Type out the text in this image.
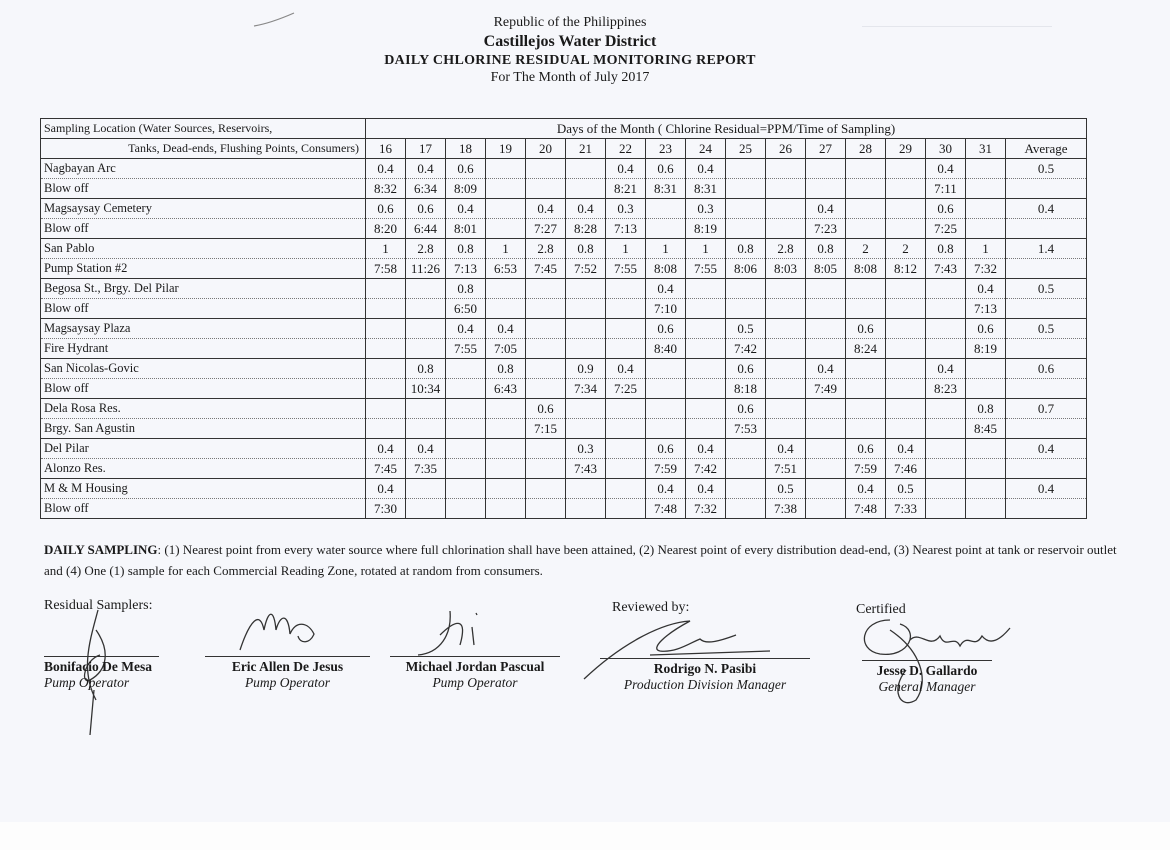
Republic of the Philippines
Castillejos Water District
DAILY CHLORINE RESIDUAL MONITORING REPORT
For The Month of July 2017
Sampling Location (Water Sources, Reservoirs,	Days of the Month ( Chlorine Residual=PPM/Time of Sampling)																
Tanks, Dead-ends, Flushing Points, Consumers)	16	17	18	19	20	21	22	23	24	25	26	27	28	29	30	31	Average
Nagbayan Arc	0.4	0.4	0.6				0.4	0.6	0.4						0.4		0.5
Blow off	8:32	6:34	8:09				8:21	8:31	8:31						7:11		
Magsaysay Cemetery	0.6	0.6	0.4		0.4	0.4	0.3		0.3			0.4			0.6		0.4
Blow off	8:20	6:44	8:01		7:27	8:28	7:13		8:19			7:23			7:25		
San Pablo	1	2.8	0.8	1	2.8	0.8	1	1	1	0.8	2.8	0.8	2	2	0.8	1	1.4
Pump Station #2	7:58	11:26	7:13	6:53	7:45	7:52	7:55	8:08	7:55	8:06	8:03	8:05	8:08	8:12	7:43	7:32	
Begosa St., Brgy. Del Pilar			0.8					0.4								0.4	0.5
Blow off			6:50					7:10								7:13	
Magsaysay Plaza			0.4	0.4				0.6		0.5			0.6			0.6	0.5
Fire Hydrant			7:55	7:05				8:40		7:42			8:24			8:19	
San Nicolas-Govic		0.8		0.8		0.9	0.4			0.6		0.4			0.4		0.6
Blow off		10:34		6:43		7:34	7:25			8:18		7:49			8:23		
Dela Rosa Res.					0.6					0.6						0.8	0.7
Brgy. San Agustin					7:15					7:53						8:45	
Del Pilar	0.4	0.4				0.3		0.6	0.4		0.4		0.6	0.4			0.4
Alonzo Res.	7:45	7:35				7:43		7:59	7:42		7:51		7:59	7:46			
M & M Housing	0.4							0.4	0.4		0.5		0.4	0.5			0.4
Blow off	7:30							7:48	7:32		7:38		7:48	7:33			
DAILY SAMPLING: (1) Nearest point from every water source where full chlorination shall have been attained, (2) Nearest point of every distribution dead-end, (3) Nearest point at tank or reservoir outlet and (4) One (1) sample for each Commercial Reading Zone, rotated at random from consumers.
Residual Samplers:	Reviewed by:	Certified
Bonifacio De Mesa
Pump Operator
Eric Allen De Jesus
Pump Operator
Michael Jordan Pascual
Pump Operator
Rodrigo N. Pasibi
Production Division Manager
Jesse D. Gallardo
General Manager
